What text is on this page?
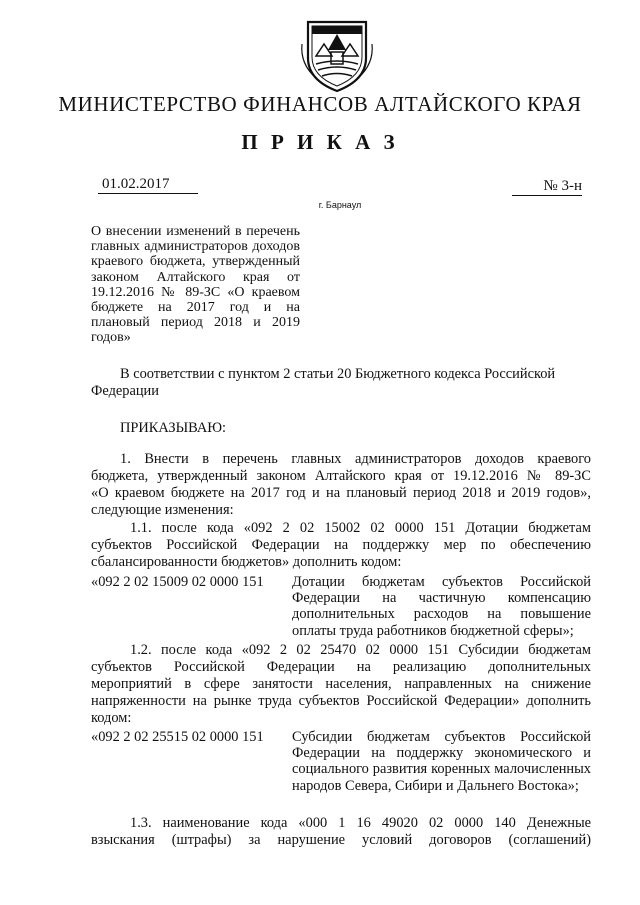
МИНИСТЕРСТВО ФИНАНСОВ АЛТАЙСКОГО КРАЯ
П Р И К А З
01.02.2017	№ 3-н
г. Барнаул
О внесении изменений в перечень главных администраторов доходов краевого бюджета, утвержденный законом Алтайского края от 19.12.2016 № 89-ЗС «О краевом бюджете на 2017 год и на плановый период 2018 и 2019 годов»
В соответствии с пунктом 2 статьи 20 Бюджетного кодекса Российской
Федерации
ПРИКАЗЫВАЮ:
1. Внести в перечень главных администраторов доходов краевого
бюджета, утвержденный законом Алтайского края от 19.12.2016 № 89-ЗС
«О краевом бюджете на 2017 год и на плановый период 2018 и 2019 годов»,
следующие изменения:
1.1. после кода «092 2 02 15002 02 0000 151 Дотации бюджетам
субъектов Российской Федерации на поддержку мер по обеспечению
сбалансированности бюджетов» дополнить кодом:
«092 2 02 15009 02 0000 151	Дотации бюджетам субъектов Российской Федерации на частичную компенсацию дополнительных расходов на повышение оплаты труда работников бюджетной сферы»;
1.2. после кода «092 2 02 25470 02 0000 151 Субсидии бюджетам
субъектов Российской Федерации на реализацию дополнительных
мероприятий в сфере занятости населения, направленных на снижение
напряженности на рынке труда субъектов Российской Федерации» дополнить
кодом:
«092 2 02 25515 02 0000 151	Субсидии бюджетам субъектов Российской Федерации на поддержку экономического и социального развития коренных малочисленных народов Севера, Сибири и Дальнего Востока»;
1.3. наименование кода «000 1 16 49020 02 0000 140 Денежные
взыскания (штрафы) за нарушение условий договоров (соглашений)
